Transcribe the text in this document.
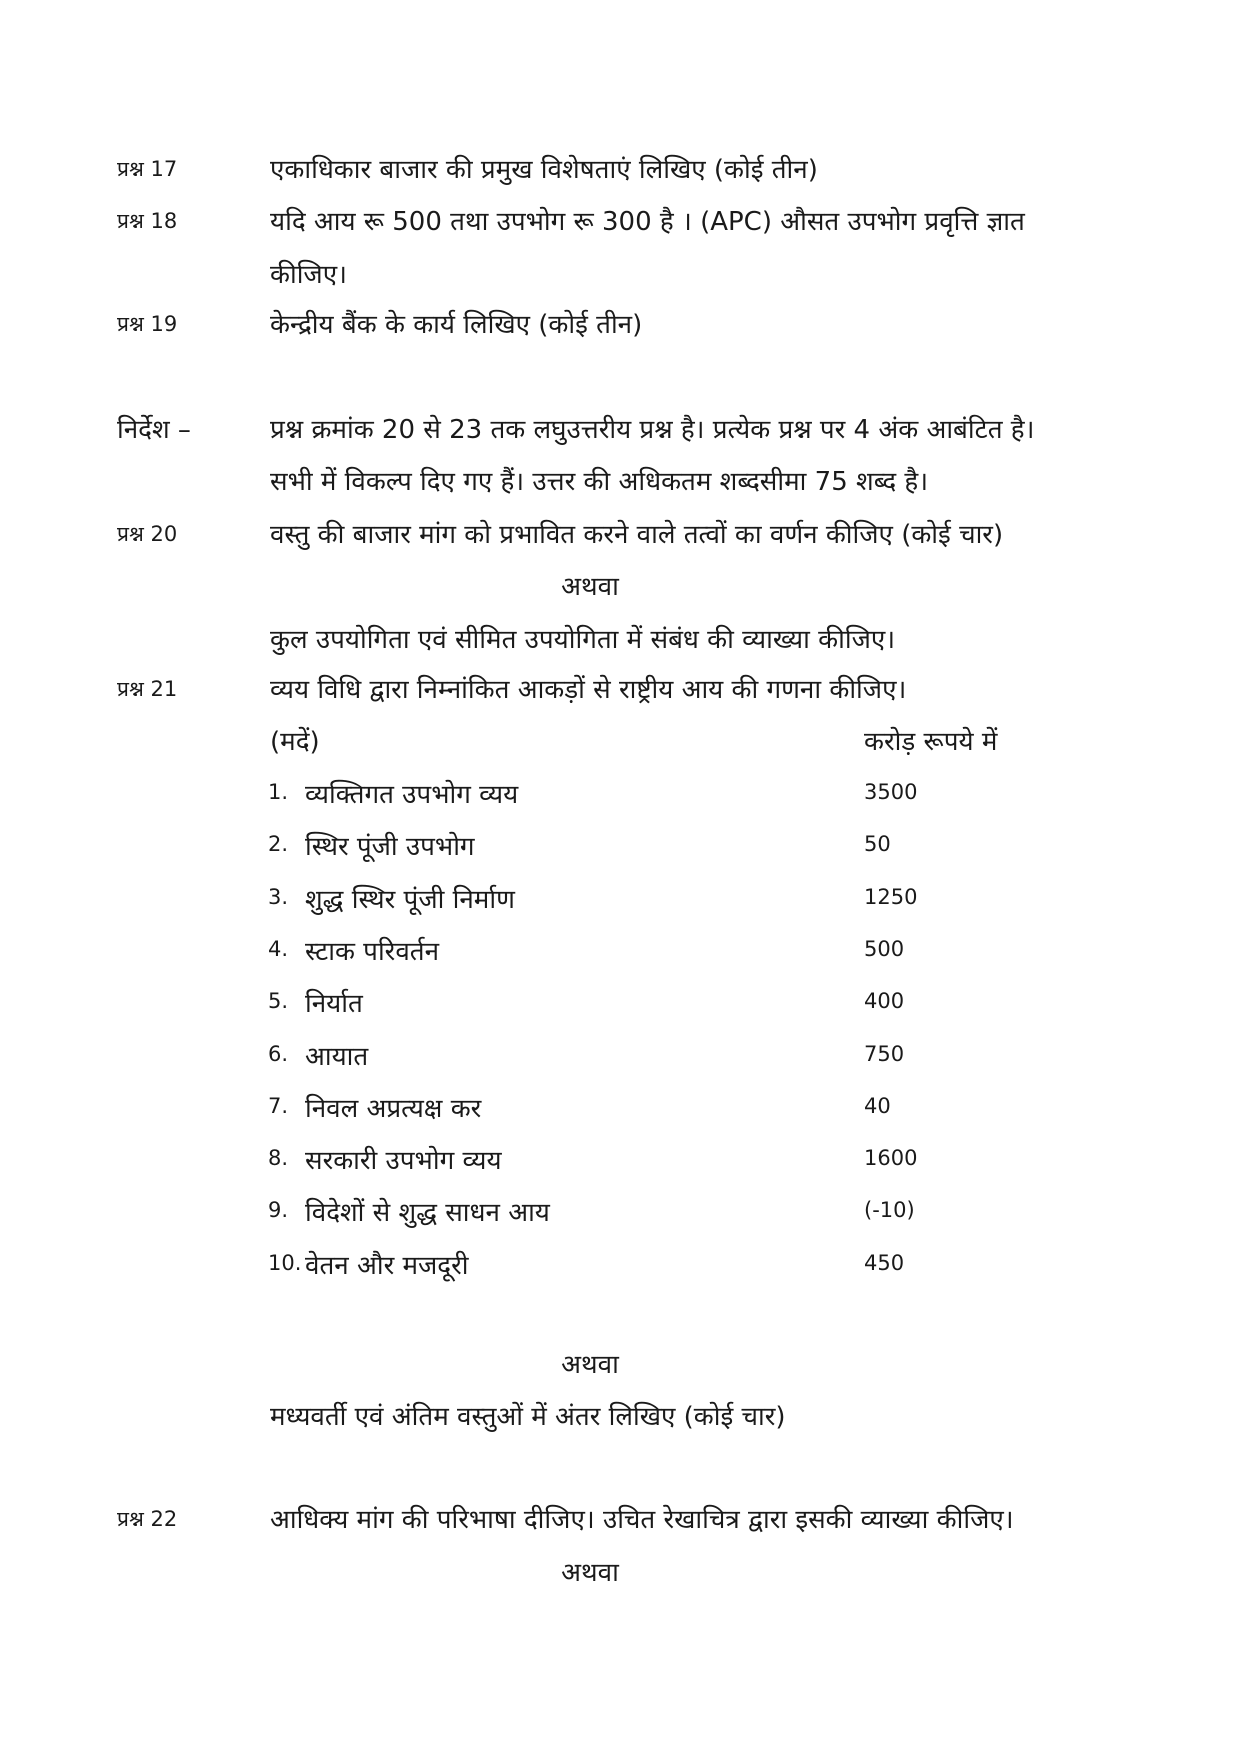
प्रश्न 17	एकाधिकार बाजार की प्रमुख विशेषताएं लिखिए (कोई तीन)
प्रश्न 18	यदि आय रू 500 तथा उपभोग रू 300 है । (APC) औसत उपभोग प्रवृत्ति ज्ञात
कीजिए।
प्रश्न 19	केन्द्रीय बैंक के कार्य लिखिए (कोई तीन)
निर्देश –	प्रश्न क्रमांक 20 से 23 तक लघुउत्तरीय प्रश्न है। प्रत्येक प्रश्न पर 4 अंक आबंटित है।
सभी में विकल्प दिए गए हैं। उत्तर की अधिकतम शब्दसीमा 75 शब्द है।
प्रश्न 20	वस्तु की बाजार मांग को प्रभावित करने वाले तत्वों का वर्णन कीजिए (कोई चार)
अथवा
कुल उपयोगिता एवं सीमित उपयोगिता में संबंध की व्याख्या कीजिए।
प्रश्न 21	व्यय विधि द्वारा निम्नांकित आकड़ों से राष्ट्रीय आय की गणना कीजिए।
(मदें)	करोड़ रूपये में
1. व्यक्तिगत उपभोग व्यय	3500
2. स्थिर पूंजी उपभोग	50
3. शुद्ध स्थिर पूंजी निर्माण	1250
4. स्टाक परिवर्तन	500
5. निर्यात	400
6. आयात	750
7. निवल अप्रत्यक्ष कर	40
8. सरकारी उपभोग व्यय	1600
9. विदेशों से शुद्ध साधन आय	(-10)
10. वेतन और मजदूरी	450
अथवा
मध्यवर्ती एवं अंतिम वस्तुओं में अंतर लिखिए (कोई चार)
प्रश्न 22	आधिक्य मांग की परिभाषा दीजिए। उचित रेखाचित्र द्वारा इसकी व्याख्या कीजिए।
अथवा
